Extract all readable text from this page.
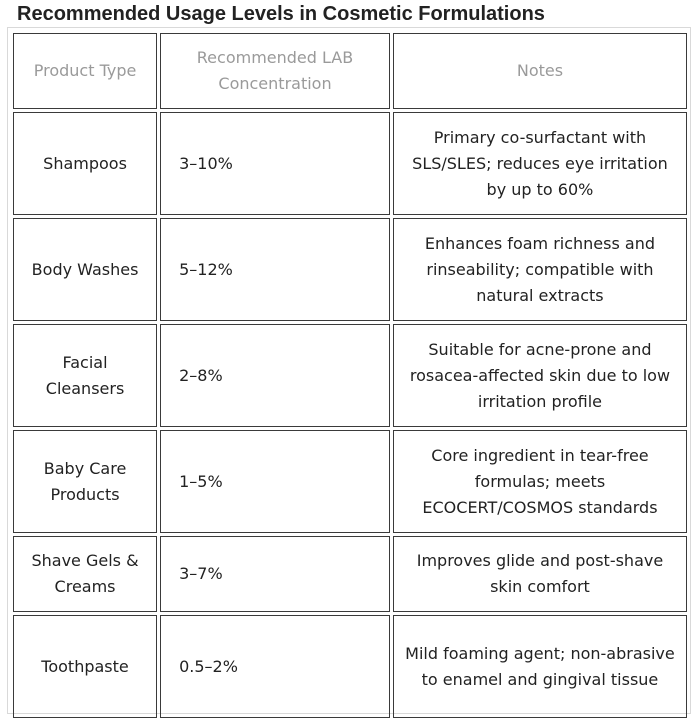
Recommended Usage Levels in Cosmetic Formulations
Product Type	Recommended LAB Concentration	Notes
Shampoos	3–10%	Primary co-surfactant with SLS/SLES; reduces eye irritation by up to 60%
Body Washes	5–12%	Enhances foam richness and rinseability; compatible with natural extracts
Facial Cleansers	2–8%	Suitable for acne-prone and rosacea-affected skin due to low irritation profile
Baby Care Products	1–5%	Core ingredient in tear-free formulas; meets ECOCERT/COSMOS standards
Shave Gels & Creams	3–7%	Improves glide and post-shave skin comfort
Toothpaste	0.5–2%	Mild foaming agent; non-abrasive to enamel and gingival tissue
